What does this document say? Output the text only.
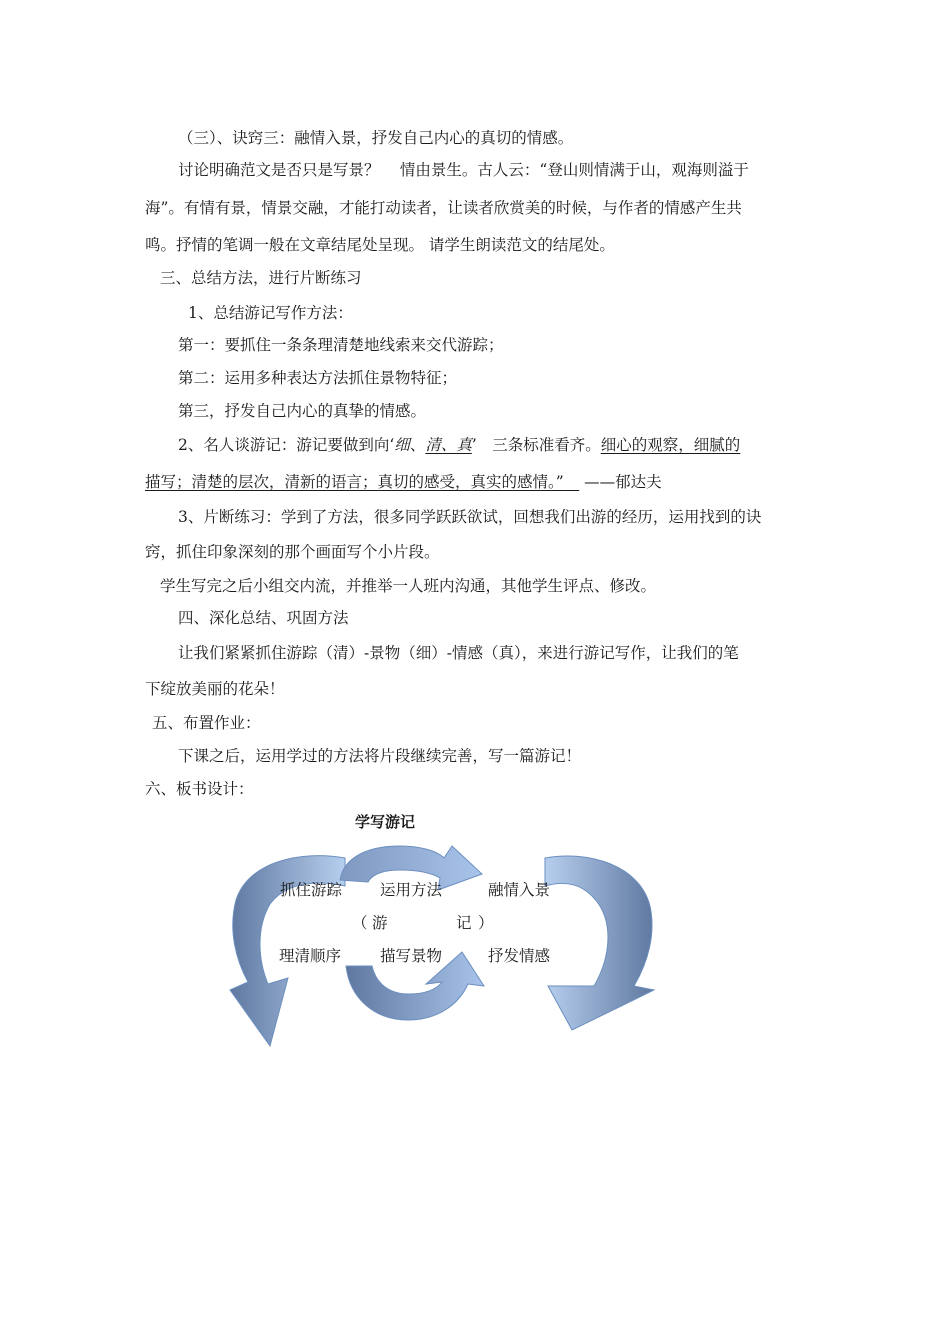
（三）、诀窍三：融情入景，抒发自己内心的真切的情感。
讨论明确范文是否只是写景？　 情由景生。古人云：“登山则情满于山，观海则溢于
海”。有情有景，情景交融，才能打动读者，让读者欣赏美的时候，与作者的情感产生共
鸣。抒情的笔调一般在文章结尾处呈现。 请学生朗读范文的结尾处。
三、总结方法，进行片断练习
1、总结游记写作方法：
第一：要抓住一条条理清楚地线索来交代游踪；
第二：运用多种表达方法抓住景物特征；
第三，抒发自己内心的真挚的情感。
2、名人谈游记：游记要做到向‘细、清、真’　三条标准看齐。细心的观察，细腻的
描写；清楚的层次，清新的语言；真切的感受，真实的感情。”　 ——郁达夫
3、片断练习：学到了方法，很多同学跃跃欲试，回想我们出游的经历，运用找到的诀
窍，抓住印象深刻的那个画面写个小片段。
学生写完之后小组交内流，并推举一人班内沟通，其他学生评点、修改。
四、深化总结、巩固方法
让我们紧紧抓住游踪（清）-景物（细）-情感（真），来进行游记写作，让我们的笔
下绽放美丽的花朵！
五、布置作业：
下课之后，运用学过的方法将片段继续完善，写一篇游记！
六、板书设计：
学写游记
抓住游踪 运用方法	融情入景
（ 游	记 ）
理清顺序	描写景物	抒发情感
